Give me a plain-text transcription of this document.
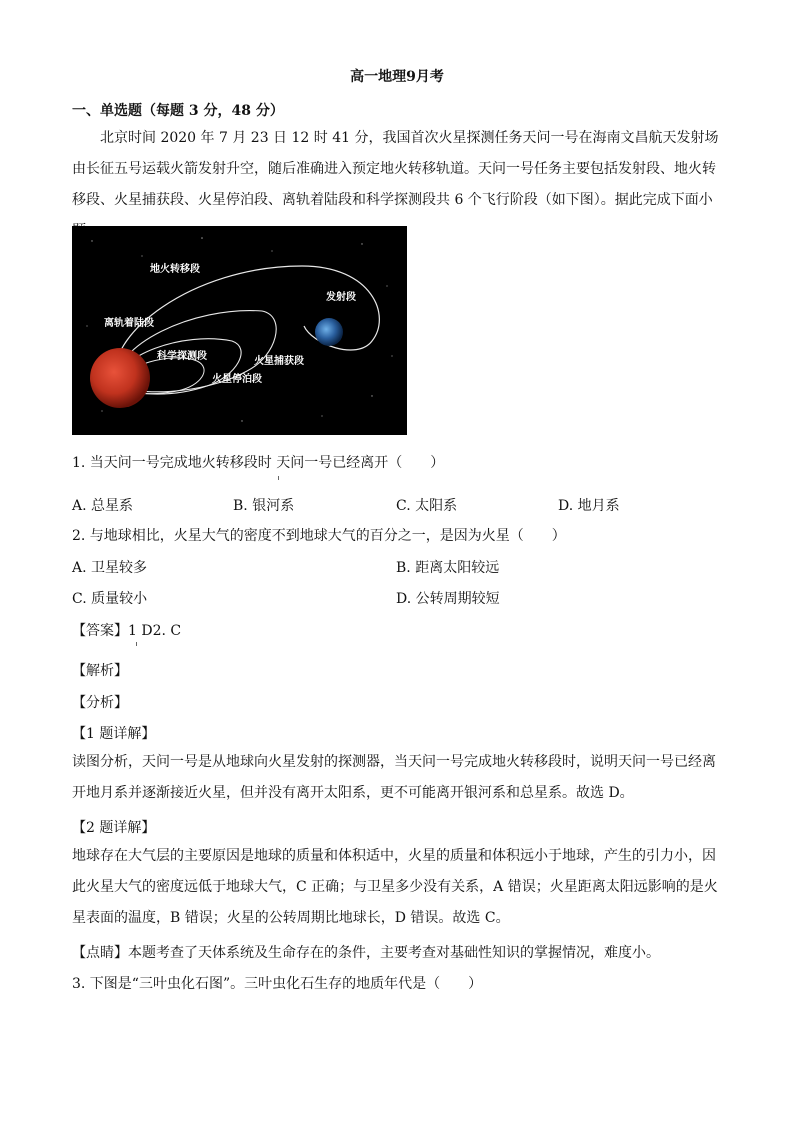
高一地理9月考
一、单选题（每题 3 分，48 分）
北京时间 2020 年 7 月 23 日 12 时 41 分，我国首次火星探测任务天问一号在海南文昌航天发射场由长征五号运载火箭发射升空，随后准确进入预定地火转移轨道。天问一号任务主要包括发射段、地火转移段、火星捕获段、火星停泊段、离轨着陆段和科学探测段共 6 个飞行阶段（如下图）。据此完成下面小
地火转移段
发射段
离轨着陆段
科学探测段	火星捕获段
火星停泊段
1. 当天问一号完成地火转移段时 天问一号已经离开（　　）
A. 总星系	B. 银河系	C. 太阳系	D. 地月系
2. 与地球相比，火星大气的密度不到地球大气的百分之一，是因为火星（　　）
A. 卫星较多	B. 距离太阳较远
C. 质量较小	D. 公转周期较短
【答案】1 D2. C
【解析】
【分析】
【1 题详解】
读图分析，天问一号是从地球向火星发射的探测器，当天问一号完成地火转移段时，说明天问一号已经离开地月系并逐渐接近火星，但并没有离开太阳系，更不可能离开银河系和总星系。故选 D。
【2 题详解】
地球存在大气层的主要原因是地球的质量和体积适中，火星的质量和体积远小于地球，产生的引力小，因此火星大气的密度远低于地球大气，C 正确；与卫星多少没有关系，A 错误；火星距离太阳远影响的是火星表面的温度，B 错误；火星的公转周期比地球长，D 错误。故选 C。
【点睛】本题考查了天体系统及生命存在的条件，主要考查对基础性知识的掌握情况，难度小。
3. 下图是“三叶虫化石图”。三叶虫化石生存的地质年代是（　　）
